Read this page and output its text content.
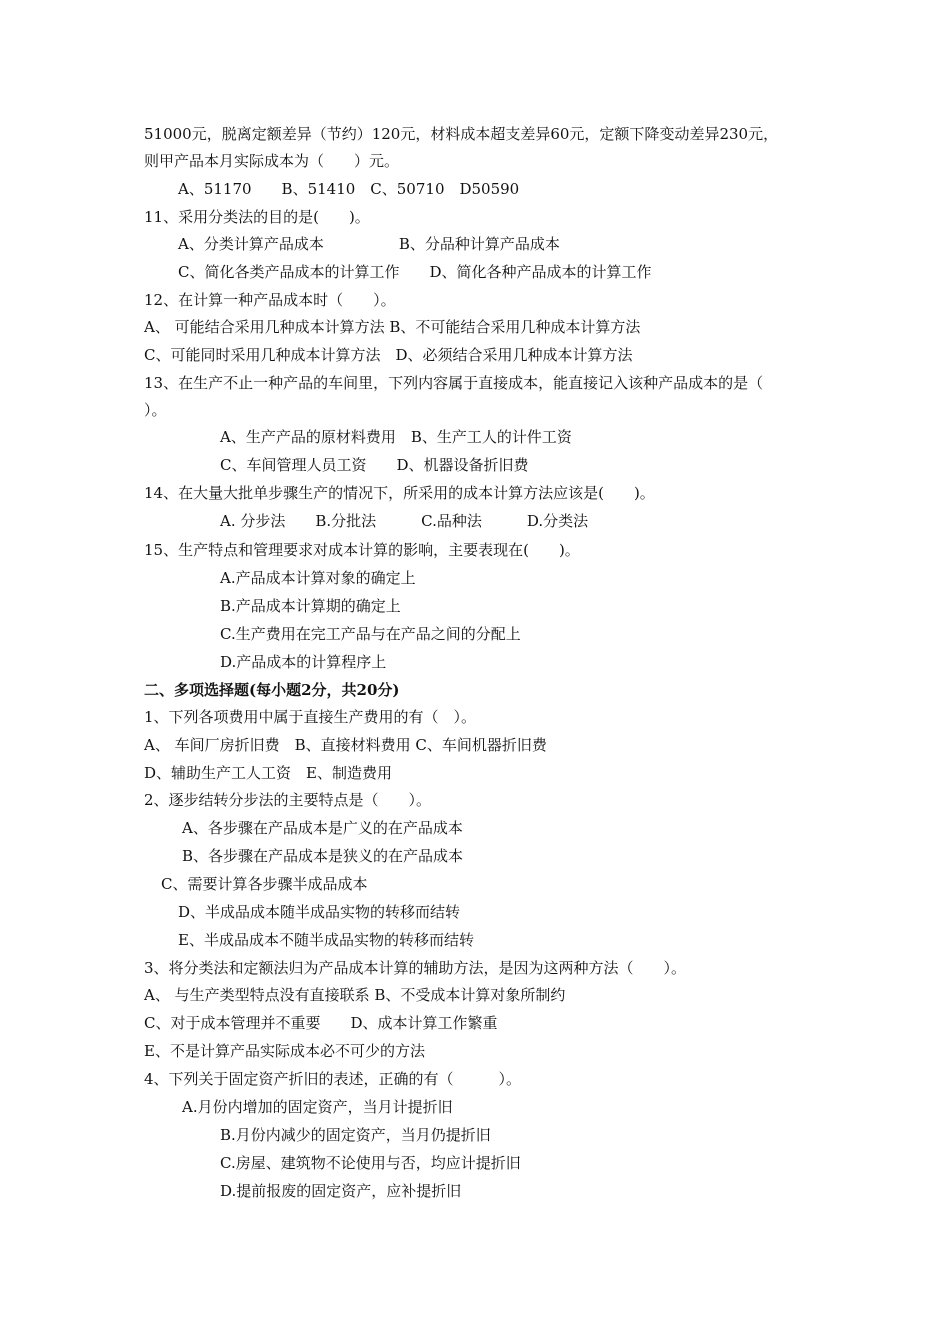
51000元，脱离定额差异（节约）120元，材料成本超支差异60元，定额下降变动差异230元，
则甲产品本月实际成本为（　　）元。
A、51170　　B、51410　C、50710　D50590
11、采用分类法的目的是(　　)。
A、分类计算产品成本　　　　　B、分品种计算产品成本
C、简化各类产品成本的计算工作　　D、简化各种产品成本的计算工作
12、在计算一种产品成本时（　　）。
A、 可能结合采用几种成本计算方法 B、不可能结合采用几种成本计算方法
C、可能同时采用几种成本计算方法　D、必须结合采用几种成本计算方法
13、在生产不止一种产品的车间里，下列内容属于直接成本，能直接记入该种产品成本的是（
）。
A、生产产品的原材料费用　B、生产工人的计件工资
C、车间管理人员工资　　D、机器设备折旧费
14、在大量大批单步骤生产的情况下，所采用的成本计算方法应该是(　　)。
A. 分步法　　B.分批法　　　C.品种法　　　D.分类法
15、生产特点和管理要求对成本计算的影响，主要表现在(　　)。
A.产品成本计算对象的确定上
B.产品成本计算期的确定上
C.生产费用在完工产品与在产品之间的分配上
D.产品成本的计算程序上
二、多项选择题(每小题2分，共20分)
1、下列各项费用中属于直接生产费用的有（　）。
A、 车间厂房折旧费　B、直接材料费用 C、车间机器折旧费
D、辅助生产工人工资　E、制造费用
2、逐步结转分步法的主要特点是（　　）。
A、各步骤在产品成本是广义的在产品成本
B、各步骤在产品成本是狭义的在产品成本
C、需要计算各步骤半成品成本
D、半成品成本随半成品实物的转移而结转
E、半成品成本不随半成品实物的转移而结转
3、将分类法和定额法归为产品成本计算的辅助方法，是因为这两种方法（　　）。
A、 与生产类型特点没有直接联系 B、不受成本计算对象所制约
C、对于成本管理并不重要　　D、成本计算工作繁重
E、不是计算产品实际成本必不可少的方法
4、下列关于固定资产折旧的表述，正确的有（　　　）。
A.月份内增加的固定资产，当月计提折旧
B.月份内减少的固定资产，当月仍提折旧
C.房屋、建筑物不论使用与否，均应计提折旧
D.提前报废的固定资产，应补提折旧
